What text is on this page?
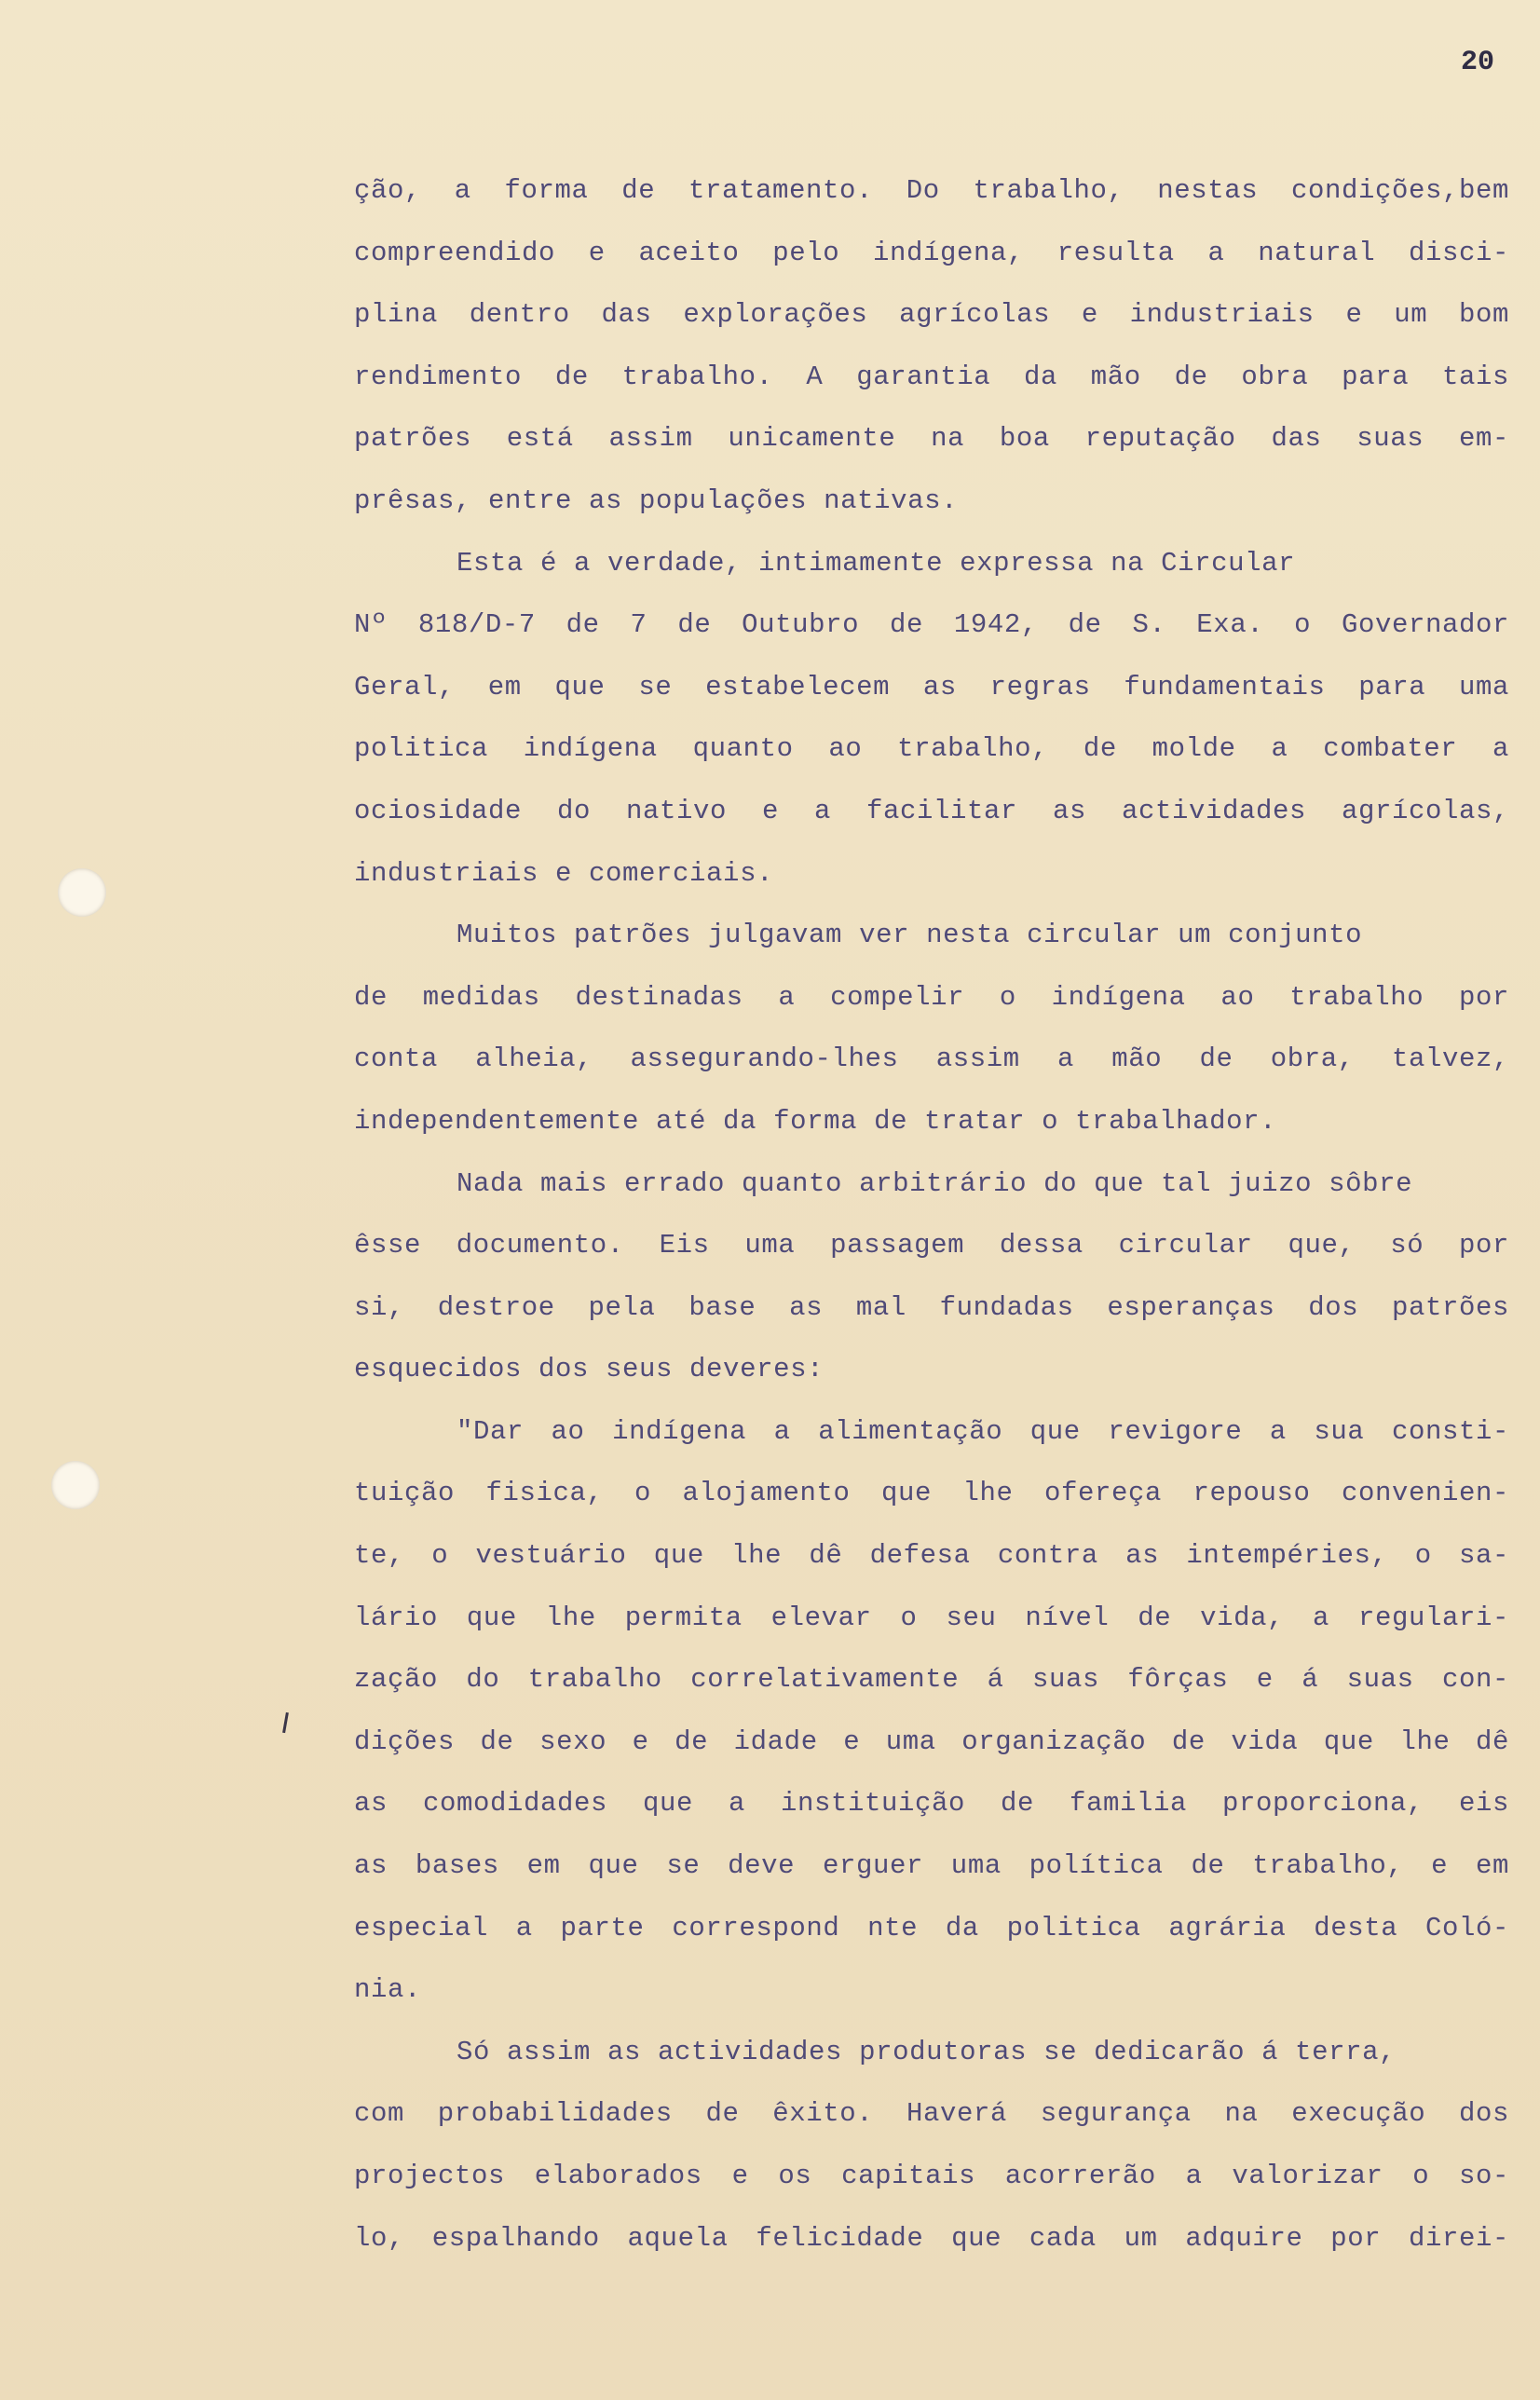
20
ção, a forma de tratamento. Do trabalho, nestas condições,bem
compreendido e aceito pelo indígena, resulta a natural disci-
plina dentro das explorações agrícolas e industriais e um bom
rendimento de trabalho. A garantia da mão de obra para tais
patrões está assim unicamente na boa reputação das suas em-
prêsas, entre as populações nativas.
Esta é a verdade, intimamente expressa na Circular
Nº 818/D-7 de 7 de Outubro de 1942, de S. Exa. o Governador
Geral, em que se estabelecem as regras fundamentais para uma
politica indígena quanto ao trabalho, de molde a combater a
ociosidade do nativo e a facilitar as actividades agrícolas,
industriais e comerciais.
Muitos patrões julgavam ver nesta circular um conjunto
de medidas destinadas a compelir o indígena ao trabalho por
conta alheia, assegurando-lhes assim a mão de obra, talvez,
independentemente até da forma de tratar o trabalhador.
Nada mais errado quanto arbitrário do que tal juizo sôbre
êsse documento. Eis uma passagem dessa circular que, só por
si, destroe pela base as mal fundadas esperanças dos patrões
esquecidos dos seus deveres:
"Dar ao indígena a alimentação que revigore a sua consti-
tuição fisica, o alojamento que lhe ofereça repouso convenien-
te, o vestuário que lhe dê defesa contra as intempéries, o sa-
lário que lhe permita elevar o seu nível de vida, a regulari-
zação do trabalho correlativamente á suas fôrças e á suas con-
dições de sexo e de idade e uma organização de vida que lhe dê
as comodidades que a instituição de familia proporciona, eis
as bases em que se deve erguer uma política de trabalho, e em
especial a parte correspond nte da politica agrária desta Coló-
nia.
Só assim as actividades produtoras se dedicarão á terra,
com probabilidades de êxito. Haverá segurança na execução dos
projectos elaborados e os capitais acorrerão a valorizar o so-
lo, espalhando aquela felicidade que cada um adquire por direi-
